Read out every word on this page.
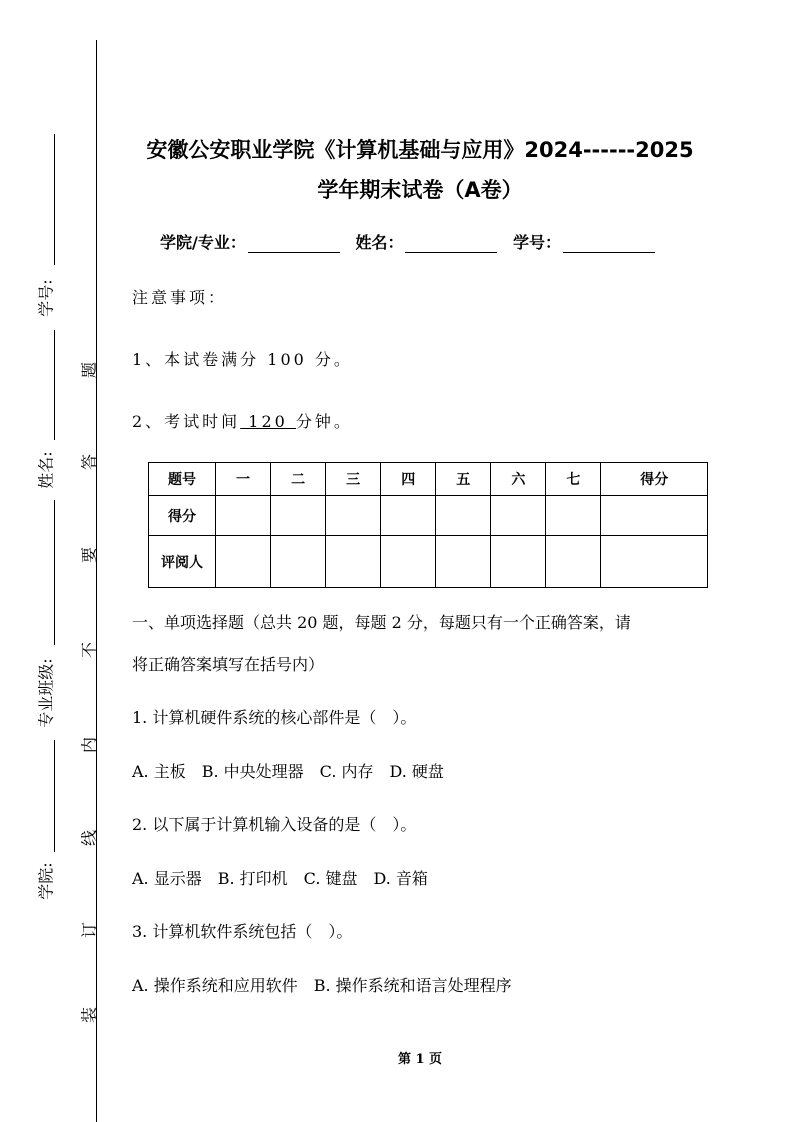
学号:
姓名:
专业班级:
学院:
题
答
要
不
内
线
订
装
安徽公安职业学院《计算机基础与应用》2024------2025
学年期末试卷（A卷）
学院/专业：	姓名：	学号：
注意事项：
1、本试卷满分 100 分。
2、考试时间 120 分钟。
题号	一	二	三	四	五	六	七	得分
得分								
评阅人								
一、单项选择题（总共 20 题，每题 2 分，每题只有一个正确答案，请
将正确答案填写在括号内）
1. 计算机硬件系统的核心部件是（　）。
A. 主板　B. 中央处理器　C. 内存　D. 硬盘
2. 以下属于计算机输入设备的是（　）。
A. 显示器　B. 打印机　C. 键盘　D. 音箱
3. 计算机软件系统包括（　）。
A. 操作系统和应用软件　B. 操作系统和语言处理程序
第 1 页
